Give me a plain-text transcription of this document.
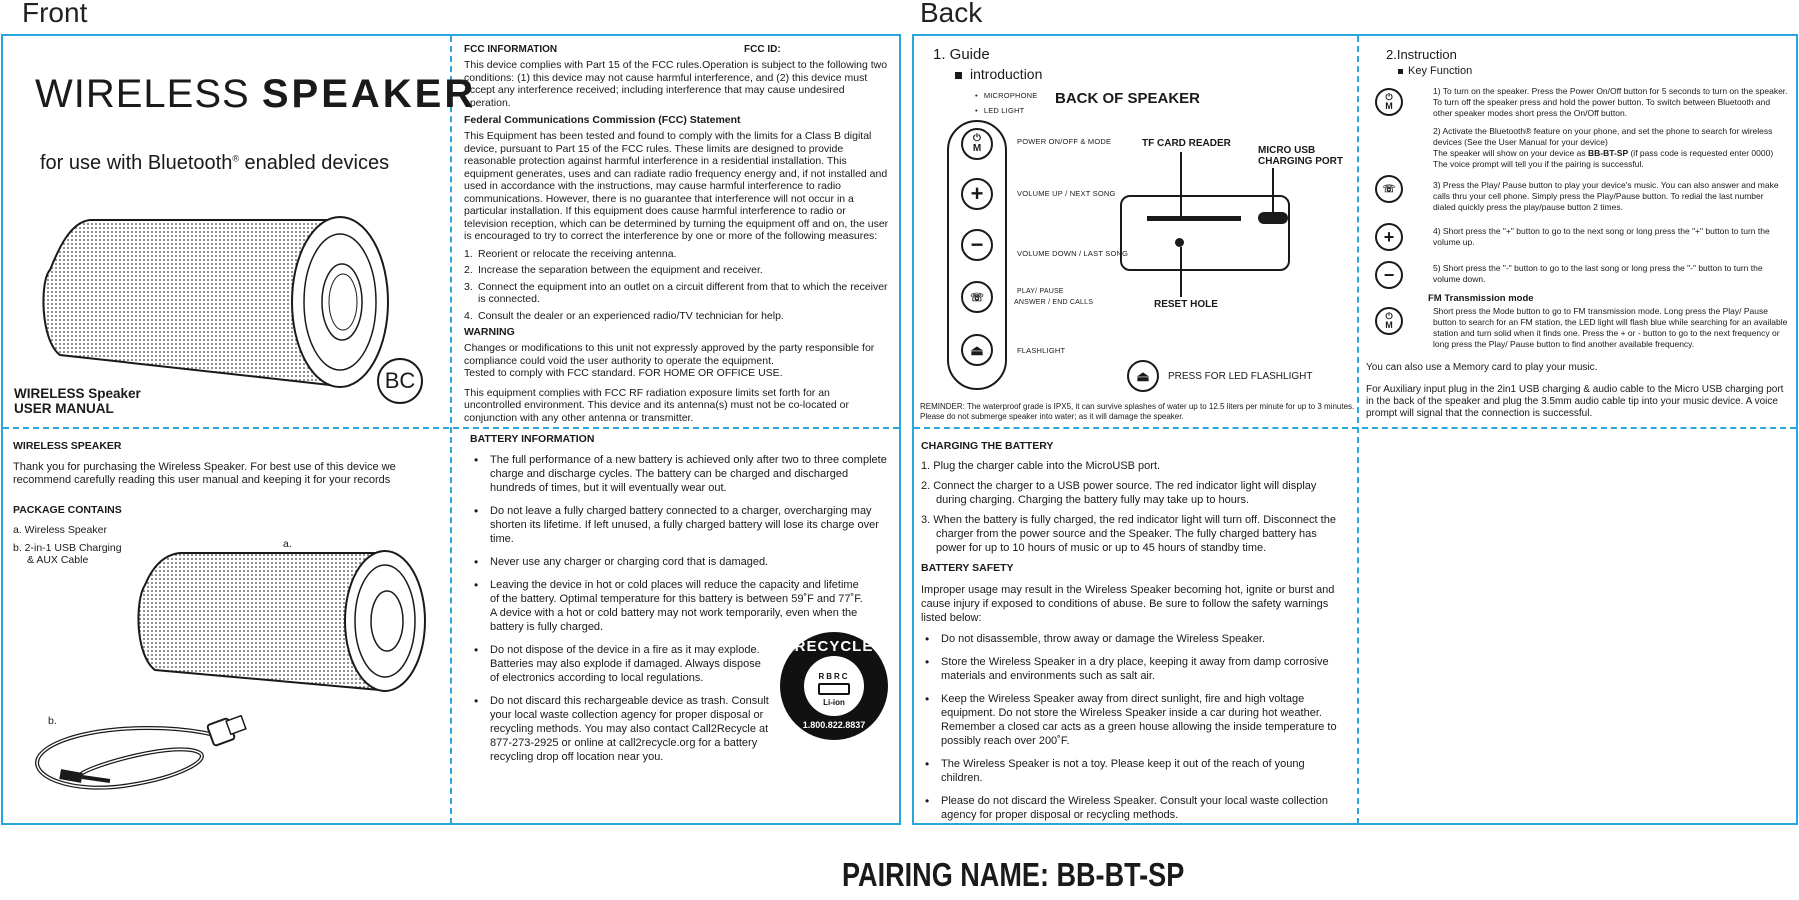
Front	Back
WIRELESS SPEAKER
for use with Bluetooth® enabled devices
WIRELESS Speaker
USER MANUAL
BC
FCC INFORMATION	FCC ID:

This device complies with Part 15 of the FCC rules.Operation is subject to the following two conditions: (1) this device may not cause harmful interference, and (2) this device must accept any interference received; including interference that may cause undesired operation.

Federal Communications Commission (FCC) Statement

This Equipment has been tested and found to comply with the limits for a Class B digital device, pursuant to Part 15 of the FCC rules. These limits are designed to provide reasonable protection against harmful interference in a residential installation. This equipment generates, uses and can radiate radio frequency energy and, if not installed and used in accordance with the instructions, may cause harmful interference to radio communications. However, there is no guarantee that interference will not occur in a particular installation. If this equipment does cause harmful interference to radio or television reception, which can be determined by turning the equipment off and on, the user is encouraged to try to correct the interference by one or more of the following measures:

1. Reorient or relocate the receiving antenna.
2. Increase the separation between the equipment and receiver.
3. Connect the equipment into an outlet on a circuit different from that to which the receiver is connected.
4. Consult the dealer or an experienced radio/TV technician for help.
WARNING

Changes or modifications to this unit not expressly approved by the party responsible for compliance could void the user authority to operate the equipment.

Tested to comply with FCC standard. FOR HOME OR OFFICE USE.

This equipment complies with FCC RF radiation exposure limits set forth for an uncontrolled environment. This device and its antenna(s) must not be co-located or conjunction with any other antenna or transmitter.

WIRELESS SPEAKER

Thank you for purchasing the Wireless Speaker. For best use of this device we recommend carefully reading this user manual and keeping it for your records

PACKAGE CONTAINS
a. Wireless Speaker
b. 2-in-1 USB Charging
& AUX Cable
a.
b.
BATTERY INFORMATION
• The full performance of a new battery is achieved only after two to three complete charge and discharge cycles. The battery can be charged and discharged hundreds of times, but it will eventually wear out.
• Do not leave a fully charged battery connected to a charger, overcharging may shorten its lifetime. If left unused, a fully charged battery will lose its charge over time.
• Never use any charger or charging cord that is damaged.
• Leaving the device in hot or cold places will reduce the capacity and lifetime of the battery. Optimal temperature for this battery is between 59˚F and 77˚F. A device with a hot or cold battery may not work temporarily, even when the battery is fully charged.
• Do not dispose of the device in a fire as it may explode. Batteries may also explode if damaged. Always dispose of electronics according to local regulations.
• Do not discard this rechargeable device as trash. Consult your local waste collection agency for proper disposal or recycling methods. You may also contact Call2Recycle at 877-273-2925 or online at call2recycle.org for a battery recycling drop off location near you.
RECYCLE
RBRC
Li-ion
1.800.822.8837
1. Guide
introduction
• MICROPHONE
• LED LIGHT
BACK OF SPEAKER
⏻
M
+
−
☏

⏏
POWER ON/OFF & MODE
VOLUME UP / NEXT SONG
VOLUME DOWN / LAST SONG
PLAY/ PAUSE
ANSWER / END CALLS
FLASHLIGHT
TF CARD READER
MICRO USB
CHARGING PORT
RESET HOLE
⏏ PRESS FOR LED FLASHLIGHT
REMINDER: The waterproof grade is IPX5, it can survive splashes of water up to 12.5 liters per minute for up to 3 minutes. Please do not submerge speaker into water; as it will damage the speaker.
2.Instruction
Key Function
⏻
M
1) To turn on the speaker. Press the Power On/Off button for 5 seconds to turn on the speaker. To turn off the speaker press and hold the power button. To switch between Bluetooth and other speaker modes short press the On/Off button.
2) Activate the Bluetooth® feature on your phone, and set the phone to search for wireless devices (See the User Manual for your device)
The speaker will show on your device as BB-BT-SP (if pass code is requested enter 0000)
The voice prompt will tell you if the pairing is successful.
☏	3) Press the Play/ Pause button to play your device's music. You can also answer and make calls thru your cell phone. Simply press the Play/Pause button. To redial the last number dialed quickly press the play/pause button 2 times.
+	4) Short press the "+" button to go to the next song or long press the "+" button to turn the volume up.
−	5) Short press the "-" button to go to the last song or long press the "-" button to turn the volume down.
FM Transmission mode
⏻
M
Short press the Mode button to go to FM transmission mode. Long press the Play/ Pause button to search for an FM station, the LED light will flash blue while searching for an available station and turn solid when it finds one. Press the + or - button to go to the next frequency or long press the Play/ Pause button to find another available frequency.
You can also use a Memory card to play your music.
For Auxiliary input plug in the 2in1 USB charging & audio cable to the Micro USB charging port in the back of the speaker and plug the 3.5mm audio cable tip into your music device. A voice prompt will signal that the connection is successful.
CHARGING THE BATTERY
1. Plug the charger cable into the MicroUSB port.
2. Connect the charger to a USB power source. The red indicator light will display during charging. Charging the battery fully may take up to hours.
3. When the battery is fully charged, the red indicator light will turn off. Disconnect the charger from the power source and the Speaker. The fully charged battery has power for up to 10 hours of music or up to 45 hours of standby time.
BATTERY SAFETY

Improper usage may result in the Wireless Speaker becoming hot, ignite or burst and cause injury if exposed to conditions of abuse. Be sure to follow the safety warnings listed below:

• Do not disassemble, throw away or damage the Wireless Speaker.
• Store the Wireless Speaker in a dry place, keeping it away from damp corrosive materials and environments such as salt air.
• Keep the Wireless Speaker away from direct sunlight, fire and high voltage equipment. Do not store the Wireless Speaker inside a car during hot weather. Remember a closed car acts as a green house allowing the inside temperature to possibly reach over 200˚F.
• The Wireless Speaker is not a toy. Please keep it out of the reach of young children.
• Please do not discard the Wireless Speaker. Consult your local waste collection agency for proper disposal or recycling methods.
PAIRING NAME: BB-BT-SP
